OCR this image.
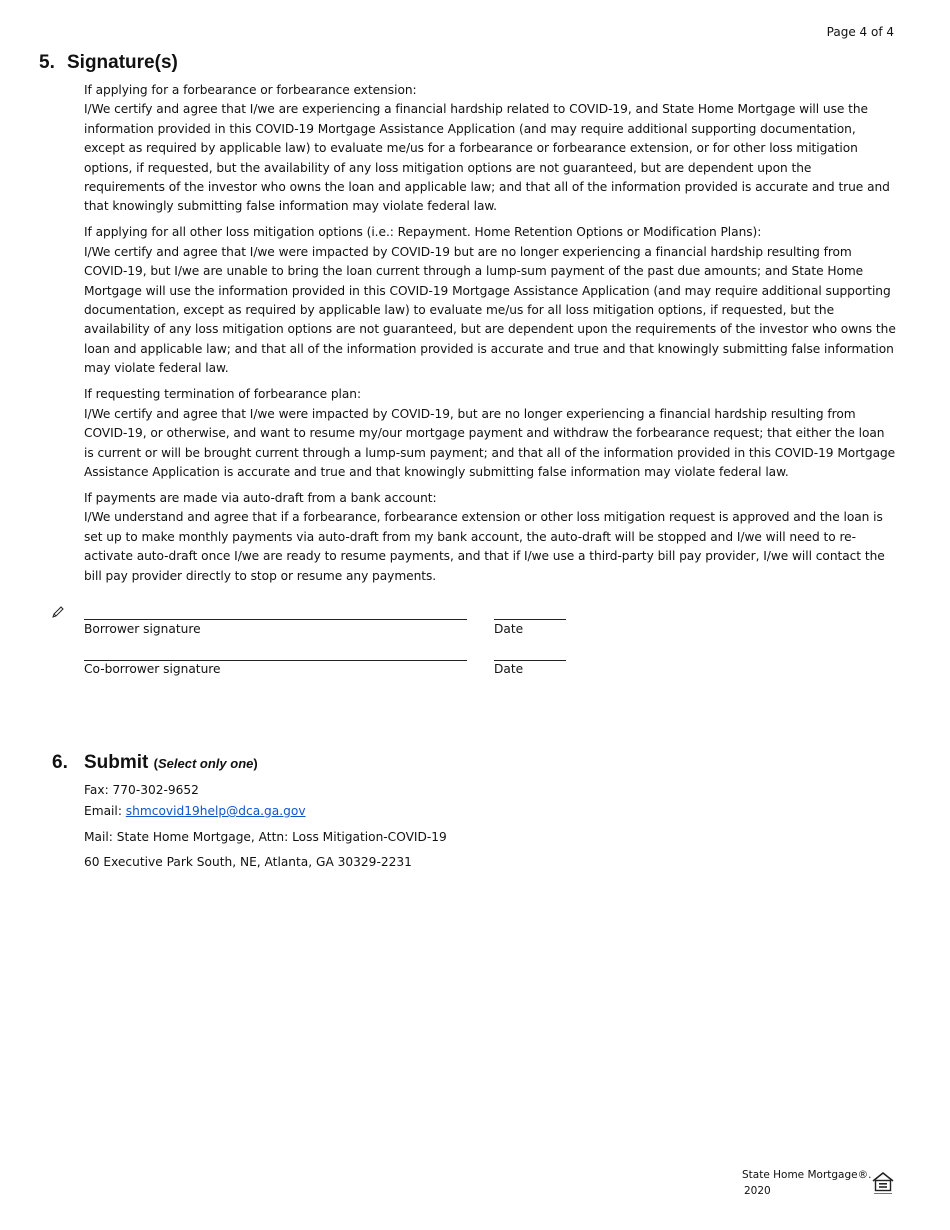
Page 4 of 4
5. Signature(s)

If applying for a forbearance or forbearance extension:

I/We certify and agree that I/we are experiencing a financial hardship related to COVID-19, and State Home Mortgage will use the information provided in this COVID-19 Mortgage Assistance Application (and may require additional supporting documentation, except as required by applicable law) to evaluate me/us for a forbearance or forbearance extension, or for other loss mitigation options, if requested, but the availability of any loss mitigation options are not guaranteed, but are dependent upon the requirements of the investor who owns the loan and applicable law; and that all of the information provided is accurate and true and that knowingly submitting false information may violate federal law.

If applying for all other loss mitigation options (i.e.: Repayment. Home Retention Options or Modification Plans):

I/We certify and agree that I/we were impacted by COVID-19 but are no longer experiencing a financial hardship resulting from COVID-19, but I/we are unable to bring the loan current through a lump-sum payment of the past due amounts; and State Home Mortgage will use the information provided in this COVID-19 Mortgage Assistance Application (and may require additional supporting documentation, except as required by applicable law) to evaluate me/us for all loss mitigation options, if requested, but the availability of any loss mitigation options are not guaranteed, but are dependent upon the requirements of the investor who owns the loan and applicable law; and that all of the information provided is accurate and true and that knowingly submitting false information may violate federal law.

If requesting termination of forbearance plan:

I/We certify and agree that I/we were impacted by COVID-19, but are no longer experiencing a financial hardship resulting from COVID-19, or otherwise, and want to resume my/our mortgage payment and withdraw the forbearance request; that either the loan is current or will be brought current through a lump-sum payment; and that all of the information provided in this COVID-19 Mortgage Assistance Application is accurate and true and that knowingly submitting false information may violate federal law.

If payments are made via auto-draft from a bank account:

I/We understand and agree that if a forbearance, forbearance extension or other loss mitigation request is approved and the loan is set up to make monthly payments via auto-draft from my bank account, the auto-draft will be stopped and I/we will need to re-activate auto-draft once I/we are ready to resume payments, and that if I/we use a third-party bill pay provider, I/we will contact the bill pay provider directly to stop or resume any payments.

Borrower signature	Date
Co-borrower signature	Date
6. Submit (Select only one)
Fax: 770-302-9652
Email: shmcovid19help@dca.ga.gov
Mail: State Home Mortgage, Attn: Loss Mitigation-COVID-19
60 Executive Park South, NE, Atlanta, GA 30329-2231
State Home Mortgage®.
2020
